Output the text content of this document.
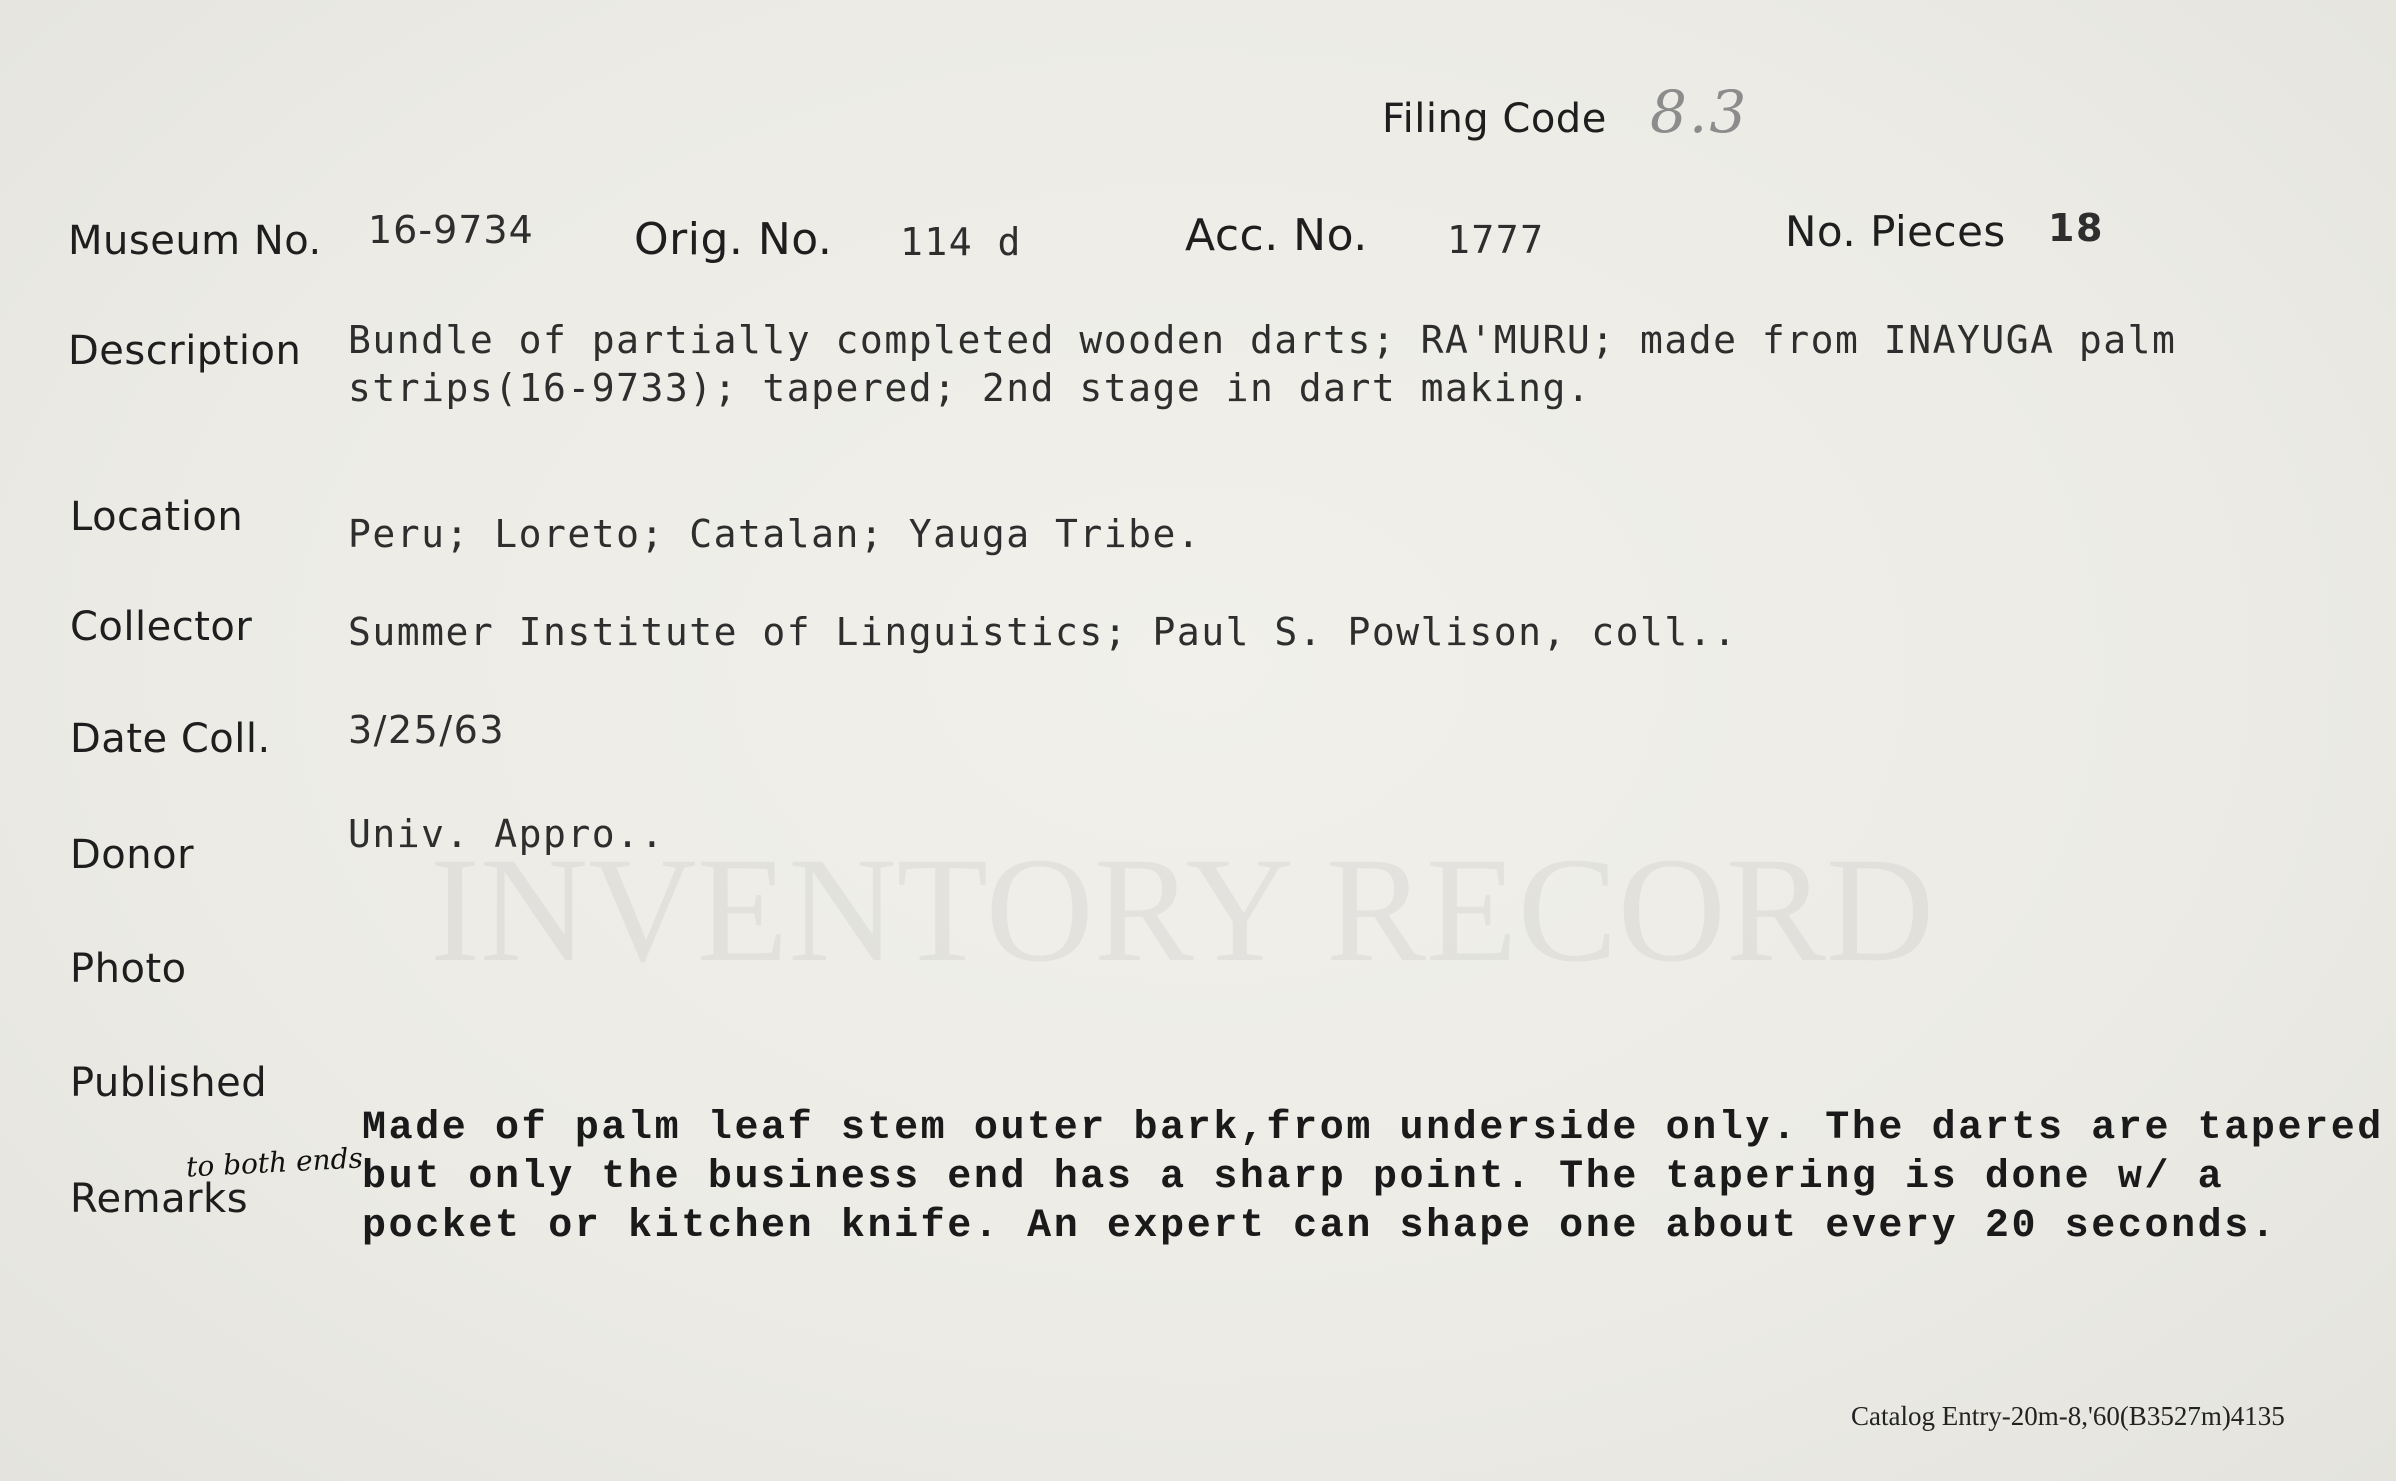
Filing Code 8.3
Museum No. 16-9734 Orig. No. 114 d	Acc. No. 1777	No. Pieces 18
Description Bundle of partially completed wooden darts; RA'MURU; made from INAYUGA palm
strips(16-9733); tapered; 2nd stage in dart making.
Location	Peru; Loreto; Catalan; Yauga Tribe.
Collector	Summer Institute of Linguistics; Paul S. Powlison, coll..
Date Coll. 3/25/63
Donor	Univ. Appro..
Photo
Published
Remarks
Made of palm leaf stem outer bark,from underside only. The darts are tapered
but only the business end has a sharp point. The tapering is done w/ a
pocket or kitchen knife. An expert can shape one about every 20 seconds.
to both ends
Catalog Entry-20m-8,'60(B3527m)4135
